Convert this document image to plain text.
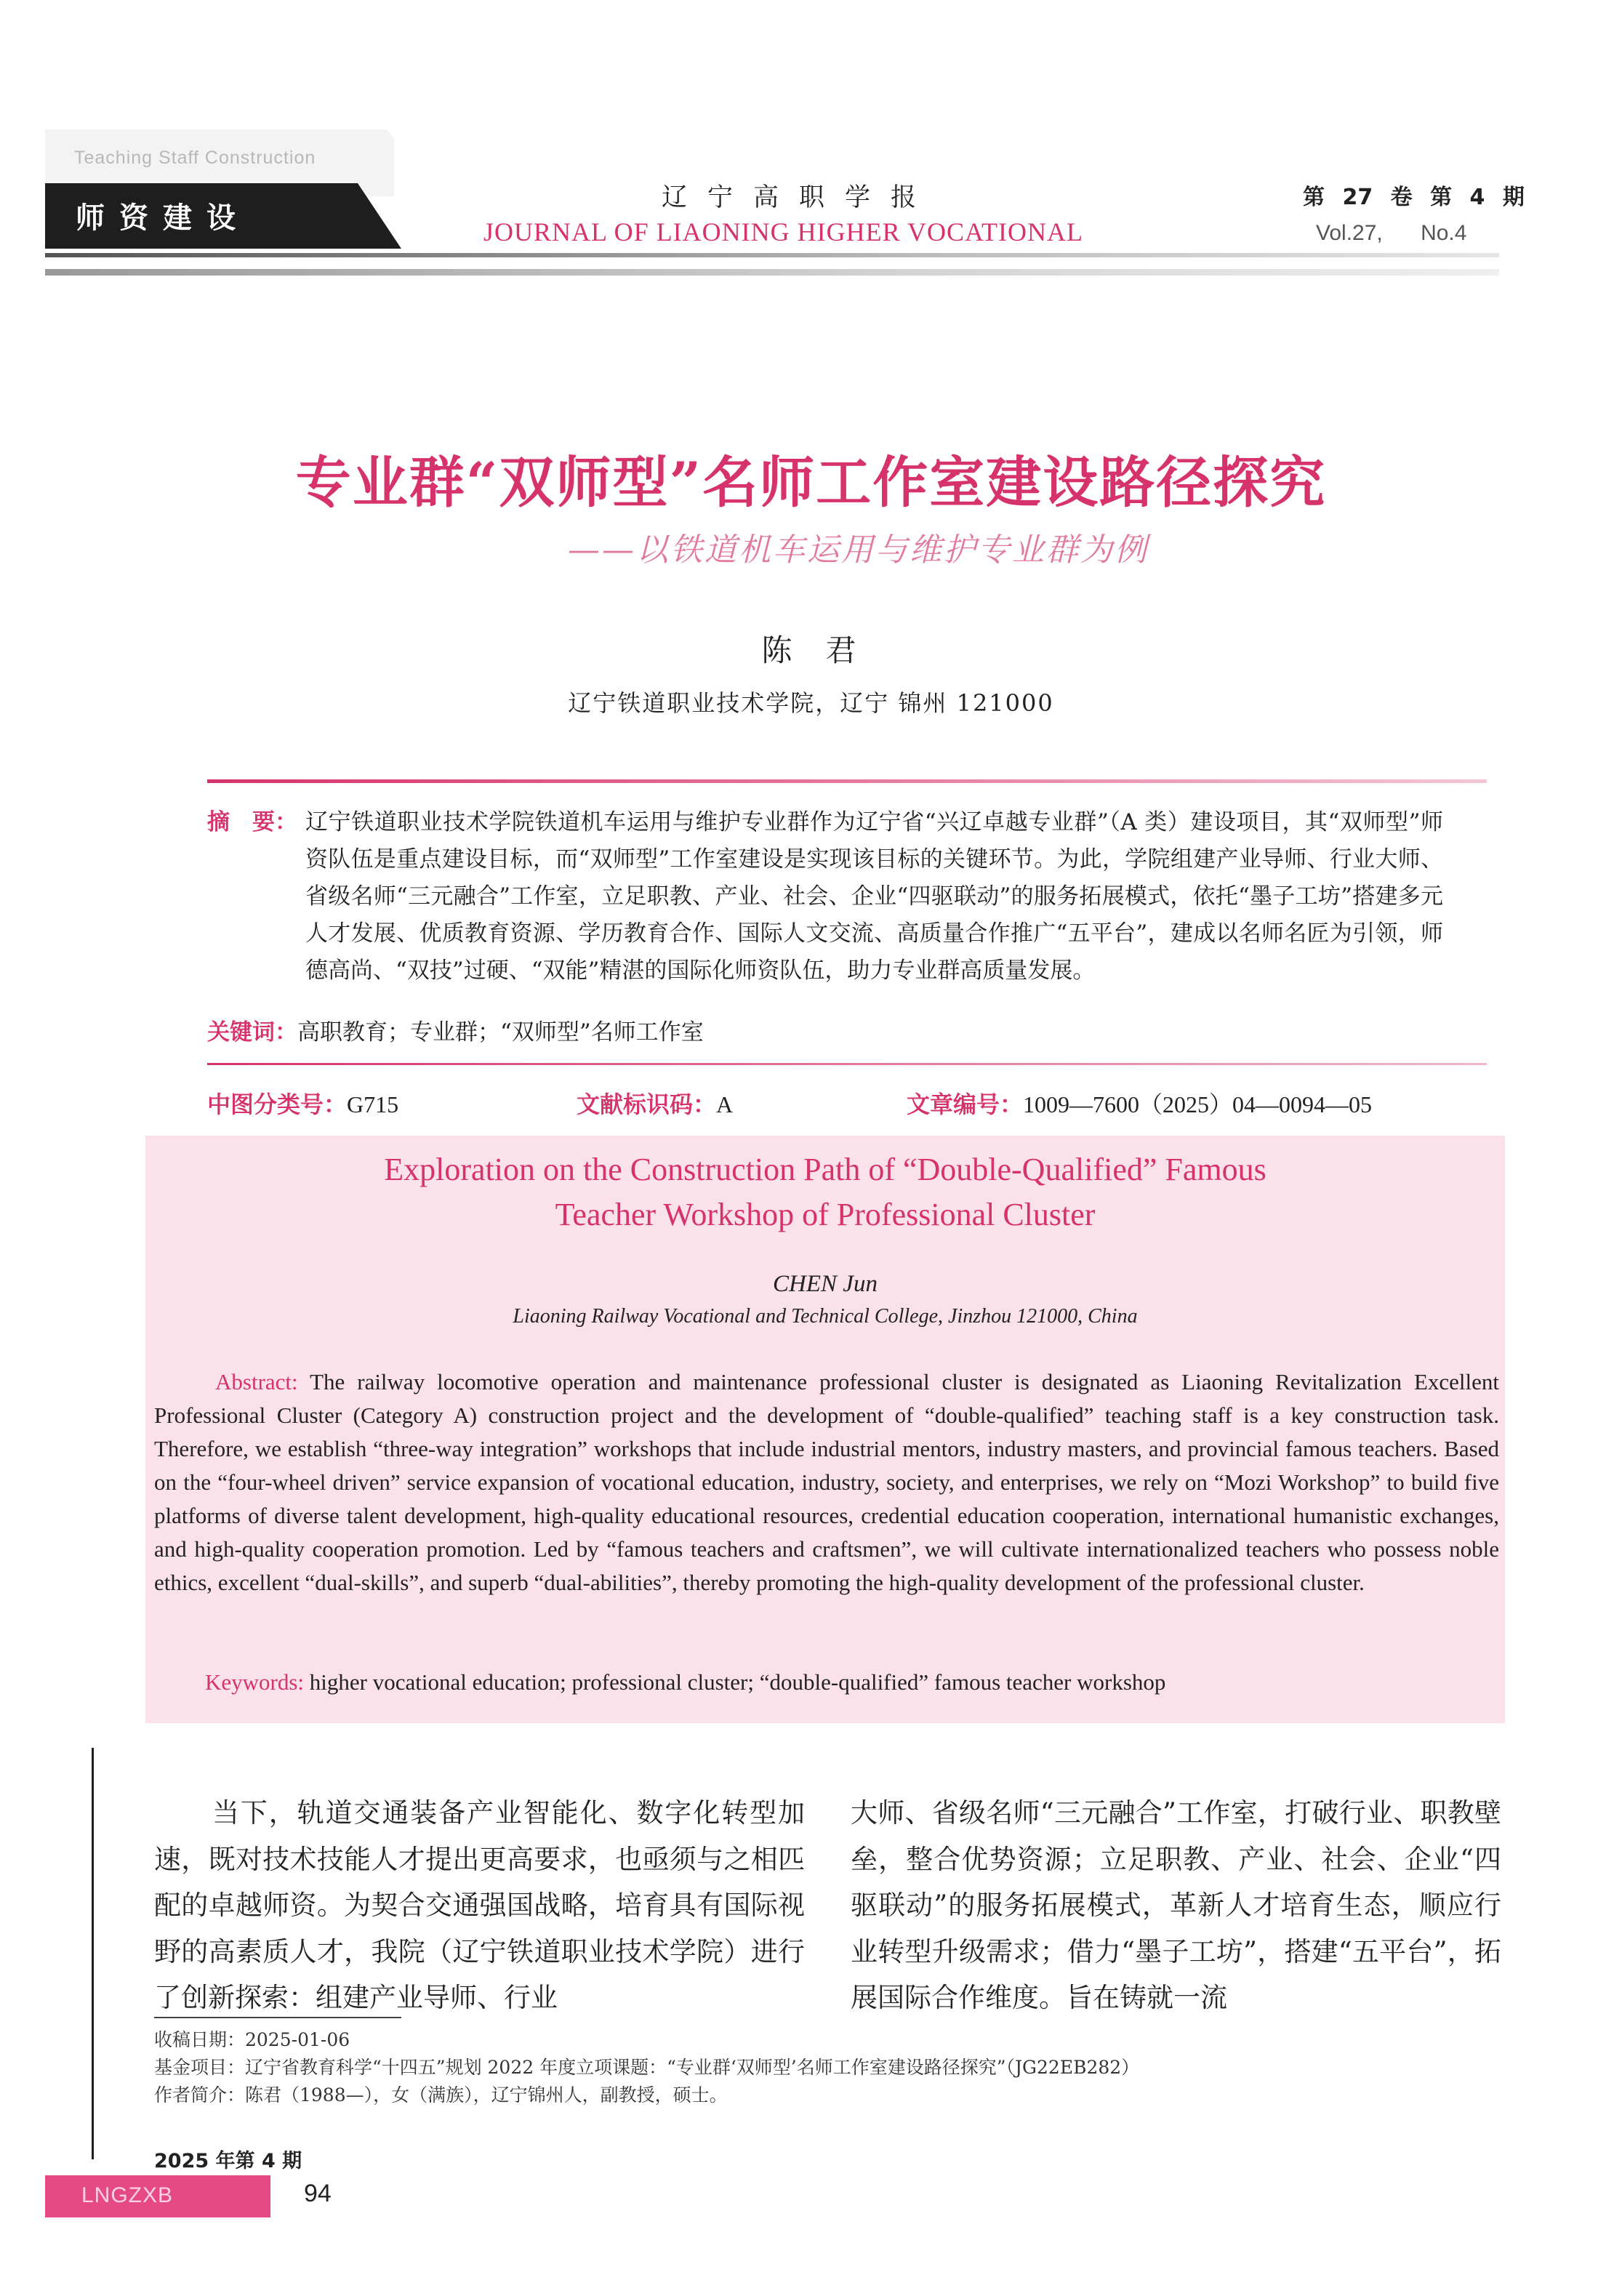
Teaching Staff Construction
师资建设
辽宁高职学报
JOURNAL OF LIAONING HIGHER VOCATIONAL
第 27 卷 第 4 期
Vol.27, No.4
专业群“双师型”名师工作室建设路径探究
——以铁道机车运用与维护专业群为例
陈君
辽宁铁道职业技术学院，辽宁 锦州 121000
摘　要： 辽宁铁道职业技术学院铁道机车运用与维护专业群作为辽宁省“兴辽卓越专业群”（A 类）建设项目，其“双师型”师资队伍是重点建设目标，而“双师型”工作室建设是实现该目标的关键环节。为此，学院组建产业导师、行业大师、省级名师“三元融合”工作室，立足职教、产业、社会、企业“四驱联动”的服务拓展模式，依托“墨子工坊”搭建多元人才发展、优质教育资源、学历教育合作、国际人文交流、高质量合作推广“五平台”，建成以名师名匠为引领，师德高尚、“双技”过硬、“双能”精湛的国际化师资队伍，助力专业群高质量发展。
关键词：高职教育；专业群；“双师型”名师工作室
中图分类号：G715	文献标识码：A	文章编号：1009—7600（2025）04—0094—05
Exploration on the Construction Path of “Double-Qualified” Famous Teacher Workshop of Professional Cluster
CHEN Jun
Liaoning Railway Vocational and Technical College, Jinzhou 121000, China
Abstract: The railway locomotive operation and maintenance professional cluster is designated as Liaoning Revitalization Excellent Professional Cluster (Category A) construction project and the development of “double-qualified” teaching staff is a key construction task. Therefore, we establish “three-way integration” workshops that include industrial mentors, industry masters, and provincial famous teachers. Based on the “four-wheel driven” service expansion of vocational education, industry, society, and enterprises, we rely on “Mozi Workshop” to build five platforms of diverse talent development, high-quality educational resources, credential education cooperation, international humanistic exchanges, and high-quality cooperation promotion. Led by “famous teachers and craftsmen”, we will cultivate internationalized teachers who possess noble ethics, excellent “dual-skills”, and superb “dual-abilities”, thereby promoting the high-quality development of the professional cluster.
Keywords: higher vocational education; professional cluster; “double-qualified” famous teacher workshop
当下，轨道交通装备产业智能化、数字化转型加速，既对技术技能人才提出更高要求，也亟须与之相匹配的卓越师资。为契合交通强国战略，培育具有国际视野的高素质人才，我院（辽宁铁道职业技术学院）进行了创新探索：组建产业导师、行业
大师、省级名师“三元融合”工作室，打破行业、职教壁垒，整合优势资源；立足职教、产业、社会、企业“四驱联动”的服务拓展模式，革新人才培育生态，顺应行业转型升级需求；借力“墨子工坊”，搭建“五平台”，拓展国际合作维度。旨在铸就一流
收稿日期：2025-01-06
基金项目：辽宁省教育科学“十四五”规划 2022 年度立项课题：“专业群‘双师型’名师工作室建设路径探究”（JG22EB282）
作者简介：陈君（1988—），女（满族），辽宁锦州人，副教授，硕士。
2025 年第 4 期
LNGZXB	94
